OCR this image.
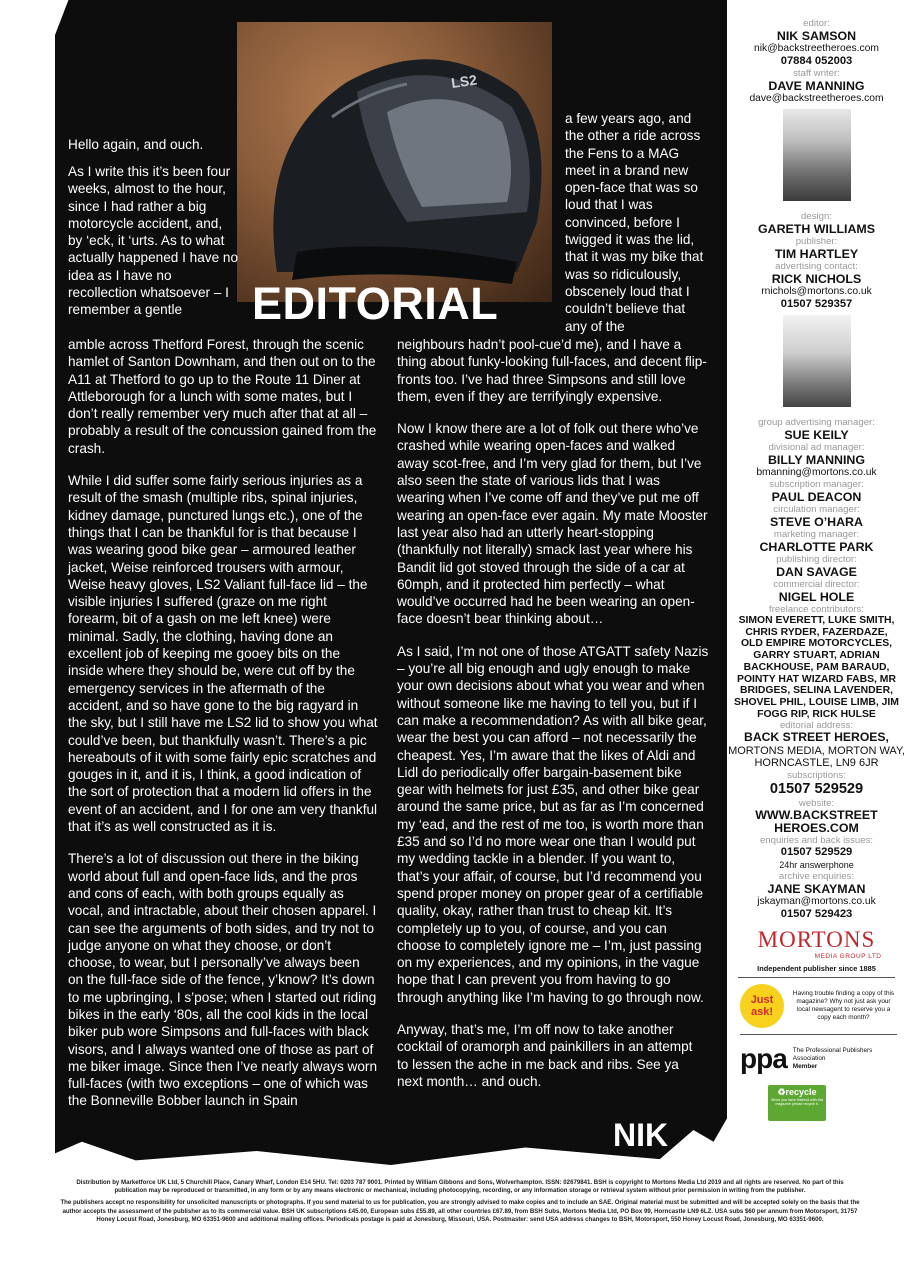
LS2
EDITORIAL

Hello again, and ouch.

As I write this it’s been four weeks, almost to the hour, since I had rather a big motorcycle accident, and, by ‘eck, it ‘urts. As to what actually happened I have no idea as I have no recollection whatsoever – I remember a gentle

amble across Thetford Forest, through the scenic hamlet of Santon Downham, and then out on to the A11 at Thetford to go up to the Route 11 Diner at Attleborough for a lunch with some mates, but I don’t really remember very much after that at all – probably a result of the concussion gained from the crash.

While I did suffer some fairly serious injuries as a result of the smash (multiple ribs, spinal injuries, kidney damage, punctured lungs etc.), one of the things that I can be thankful for is that because I was wearing good bike gear – armoured leather jacket, Weise reinforced trousers with armour, Weise heavy gloves, LS2 Valiant full-face lid – the visible injuries I suffered (graze on me right forearm, bit of a gash on me left knee) were minimal. Sadly, the clothing, having done an excellent job of keeping me gooey bits on the inside where they should be, were cut off by the emergency services in the aftermath of the accident, and so have gone to the big ragyard in the sky, but I still have me LS2 lid to show you what could’ve been, but thankfully wasn’t. There’s a pic hereabouts of it with some fairly epic scratches and gouges in it, and it is, I think, a good indication of the sort of protection that a modern lid offers in the event of an accident, and I for one am very thankful that it’s as well constructed as it is.

There’s a lot of discussion out there in the biking world about full and open-face lids, and the pros and cons of each, with both groups equally as vocal, and intractable, about their chosen apparel. I can see the arguments of both sides, and try not to judge anyone on what they choose, or don’t choose, to wear, but I personally’ve always been on the full-face side of the fence, y’know? It’s down to me upbringing, I s’pose; when I started out riding bikes in the early ‘80s, all the cool kids in the local biker pub wore Simpsons and full-faces with black visors, and I always wanted one of those as part of me biker image. Since then I’ve nearly always worn full-faces (with two exceptions – one of which was the Bonneville Bobber launch in Spain

a few years ago, and the other a ride across the Fens to a MAG meet in a brand new open-face that was so loud that I was convinced, before I twigged it was the lid, that it was my bike that was so ridiculously, obscenely loud that I couldn’t believe that any of the

neighbours hadn’t pool-cue’d me), and I have a thing about funky-looking full-faces, and decent flip-fronts too. I’ve had three Simpsons and still love them, even if they are terrifyingly expensive.

Now I know there are a lot of folk out there who’ve crashed while wearing open-faces and walked away scot-free, and I’m very glad for them, but I’ve also seen the state of various lids that I was wearing when I’ve come off and they’ve put me off wearing an open-face ever again. My mate Mooster last year also had an utterly heart-stopping (thankfully not literally) smack last year where his Bandit lid got stoved through the side of a car at 60mph, and it protected him perfectly – what would’ve occurred had he been wearing an open-face doesn’t bear thinking about…

As I said, I’m not one of those ATGATT safety Nazis – you’re all big enough and ugly enough to make your own decisions about what you wear and when without someone like me having to tell you, but if I can make a recommendation? As with all bike gear, wear the best you can afford – not necessarily the cheapest. Yes, I’m aware that the likes of Aldi and Lidl do periodically offer bargain-basement bike gear with helmets for just £35, and other bike gear around the same price, but as far as I’m concerned my ‘ead, and the rest of me too, is worth more than £35 and so I’d no more wear one than I would put my wedding tackle in a blender. If you want to, that’s your affair, of course, but I’d recommend you spend proper money on proper gear of a certifiable quality, okay, rather than trust to cheap kit. It’s completely up to you, of course, and you can choose to completely ignore me – I’m, just passing on my experiences, and my opinions, in the vague hope that I can prevent you from having to go through anything like I’m having to go through now.

Anyway, that’s me, I’m off now to take another cocktail of oramorph and painkillers in an attempt to lessen the ache in me back and ribs. See ya next month… and ouch.

NIK
editor:
NIK SAMSON
nik@backstreetheroes.com
07884 052003
staff writer:
DAVE MANNING
dave@backstreetheroes.com
design:
GARETH WILLIAMS
publisher:
TIM HARTLEY
advertising contact:
RICK NICHOLS
rnichols@mortons.co.uk
01507 529357
group advertising manager:
SUE KEILY
divisional ad manager:
BILLY MANNING
bmanning@mortons.co.uk
subscription manager:
PAUL DEACON
circulation manager:
STEVE O’HARA
marketing manager:
CHARLOTTE PARK
publishing director:
DAN SAVAGE
commercial director:
NIGEL HOLE
freelance contributors:
SIMON EVERETT, LUKE SMITH, CHRIS RYDER, FAZERDAZE, OLD EMPIRE MOTORCYCLES, GARRY STUART, ADRIAN BACKHOUSE, PAM BARAUD, POINTY HAT WIZARD FABS, MR BRIDGES, SELINA LAVENDER, SHOVEL PHIL, LOUISE LIMB, JIM FOGG RIP, RICK HULSE
editorial address:
BACK STREET HEROES, MORTONS MEDIA, MORTON WAY, HORNCASTLE, LN9 6JR
subscriptions:
01507 529529
website:
WWW.BACKSTREET HEROES.COM
enquiries and back issues:
01507 529529
24hr answerphone
archive enquiries:
JANE SKAYMAN
jskayman@mortons.co.uk
01507 529423
MORTONS
MEDIA GROUP LTD
Independent publisher since 1885
Just ask!
Having trouble finding a copy of this magazine? Why not just ask your local newsagent to reserve you a copy each month?
ppa The Professional Publishers Association
Member
♻recycle
When you have finished with this magazine please recycle it.
Distribution by Marketforce UK Ltd, 5 Churchill Place, Canary Wharf, London E14 5HU. Tel: 0203 787 9001. Printed by William Gibbons and Sons, Wolverhampton. ISSN: 02679841. BSH is copyright to Mortons Media Ltd 2019 and all rights are reserved. No part of this publication may be reproduced or transmitted, in any form or by any means electronic or mechanical, including photocopying, recording, or any information storage or retrieval system without prior permission in writing from the publisher.
The publishers accept no responsibility for unsolicited manuscripts or photographs. If you send material to us for publication, you are strongly advised to make copies and to include an SAE. Original material must be submitted and will be accepted solely on the basis that the author accepts the assessment of the publisher as to its commercial value. BSH UK subscriptions £45.00, European subs £55.89, all other countries £67.89, from BSH Subs, Mortons Media Ltd, PO Box 99, Horncastle LN9 6LZ. USA subs $60 per annum from Motorsport, 31757 Honey Locust Road, Jonesburg, MO 63351-9600 and additional mailing offices. Periodicals postage is paid at Jonesburg, Missouri, USA. Postmaster: send USA address changes to BSH, Motorsport, 550 Honey Locust Road, Jonesburg, MO 63351-9600.
